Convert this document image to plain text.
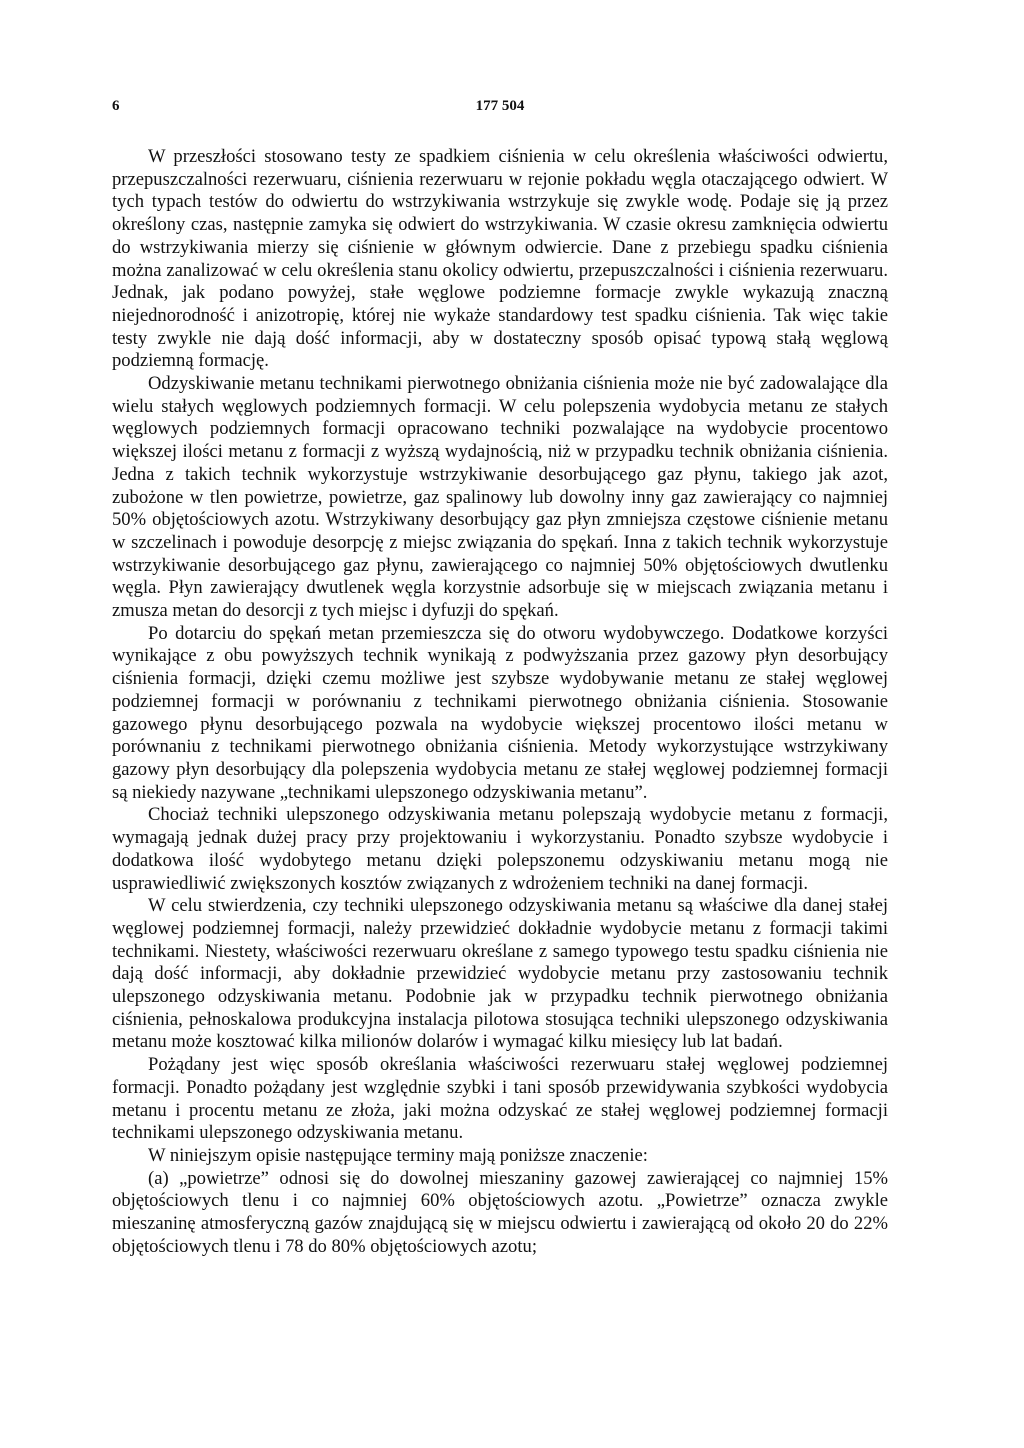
6	177 504

W przeszłości stosowano testy ze spadkiem ciśnienia w celu określenia właściwości odwiertu, przepuszczalności rezerwuaru, ciśnienia rezerwuaru w rejonie pokładu węgla otaczającego odwiert. W tych typach testów do odwiertu do wstrzykiwania wstrzykuje się zwykle wodę. Podaje się ją przez określony czas, następnie zamyka się odwiert do wstrzykiwania. W czasie okresu zamknięcia odwiertu do wstrzykiwania mierzy się ciśnienie w głównym odwiercie. Dane z przebiegu spadku ciśnienia można zanalizować w celu określenia stanu okolicy odwiertu, przepuszczalności i ciśnienia rezerwuaru. Jednak, jak podano powyżej, stałe węglowe podziemne formacje zwykle wykazują znaczną niejednorodność i anizotropię, której nie wykaże standardowy test spadku ciśnienia. Tak więc takie testy zwykle nie dają dość informacji, aby w dostateczny sposób opisać typową stałą węglową podziemną formację.

Odzyskiwanie metanu technikami pierwotnego obniżania ciśnienia może nie być zadowalające dla wielu stałych węglowych podziemnych formacji. W celu polepszenia wydobycia metanu ze stałych węglowych podziemnych formacji opracowano techniki pozwalające na wydobycie procentowo większej ilości metanu z formacji z wyższą wydajnością, niż w przypadku technik obniżania ciśnienia. Jedna z takich technik wykorzystuje wstrzykiwanie desorbującego gaz płynu, takiego jak azot, zubożone w tlen powietrze, powietrze, gaz spalinowy lub dowolny inny gaz zawierający co najmniej 50% objętościowych azotu. Wstrzykiwany desorbujący gaz płyn zmniejsza częstowe ciśnienie metanu w szczelinach i powoduje desorpcję z miejsc związania do spękań. Inna z takich technik wykorzystuje wstrzykiwanie desorbującego gaz płynu, zawierającego co najmniej 50% objętościowych dwutlenku węgla. Płyn zawierający dwutlenek węgla korzystnie adsorbuje się w miejscach związania metanu i zmusza metan do desorcji z tych miejsc i dyfuzji do spękań.

Po dotarciu do spękań metan przemieszcza się do otworu wydobywczego. Dodatkowe korzyści wynikające z obu powyższych technik wynikają z podwyższania przez gazowy płyn desorbujący ciśnienia formacji, dzięki czemu możliwe jest szybsze wydobywanie metanu ze stałej węglowej podziemnej formacji w porównaniu z technikami pierwotnego obniżania ciśnienia. Stosowanie gazowego płynu desorbującego pozwala na wydobycie większej procentowo ilości metanu w porównaniu z technikami pierwotnego obniżania ciśnienia. Metody wykorzystujące wstrzykiwany gazowy płyn desorbujący dla polepszenia wydobycia metanu ze stałej węglowej podziemnej formacji są niekiedy nazywane „technikami ulepszonego odzyskiwania metanu”.

Chociaż techniki ulepszonego odzyskiwania metanu polepszają wydobycie metanu z formacji, wymagają jednak dużej pracy przy projektowaniu i wykorzystaniu. Ponadto szybsze wydobycie i dodatkowa ilość wydobytego metanu dzięki polepszonemu odzyskiwaniu metanu mogą nie usprawiedliwić zwiększonych kosztów związanych z wdrożeniem techniki na danej formacji.

W celu stwierdzenia, czy techniki ulepszonego odzyskiwania metanu są właściwe dla danej stałej węglowej podziemnej formacji, należy przewidzieć dokładnie wydobycie metanu z formacji takimi technikami. Niestety, właściwości rezerwuaru określane z samego typowego testu spadku ciśnienia nie dają dość informacji, aby dokładnie przewidzieć wydobycie metanu przy zastosowaniu technik ulepszonego odzyskiwania metanu. Podobnie jak w przypadku technik pierwotnego obniżania ciśnienia, pełnoskalowa produkcyjna instalacja pilotowa stosująca techniki ulepszonego odzyskiwania metanu może kosztować kilka milionów dolarów i wymagać kilku miesięcy lub lat badań.

Pożądany jest więc sposób określania właściwości rezerwuaru stałej węglowej podziemnej formacji. Ponadto pożądany jest względnie szybki i tani sposób przewidywania szybkości wydobycia metanu i procentu metanu ze złoża, jaki można odzyskać ze stałej węglowej podziemnej formacji technikami ulepszonego odzyskiwania metanu.

W niniejszym opisie następujące terminy mają poniższe znaczenie:

(a) „powietrze” odnosi się do dowolnej mieszaniny gazowej zawierającej co najmniej 15% objętościowych tlenu i co najmniej 60% objętościowych azotu. „Powietrze” oznacza zwykle mieszaninę atmosferyczną gazów znajdującą się w miejscu odwiertu i zawierającą od około 20 do 22% objętościowych tlenu i 78 do 80% objętościowych azotu;
